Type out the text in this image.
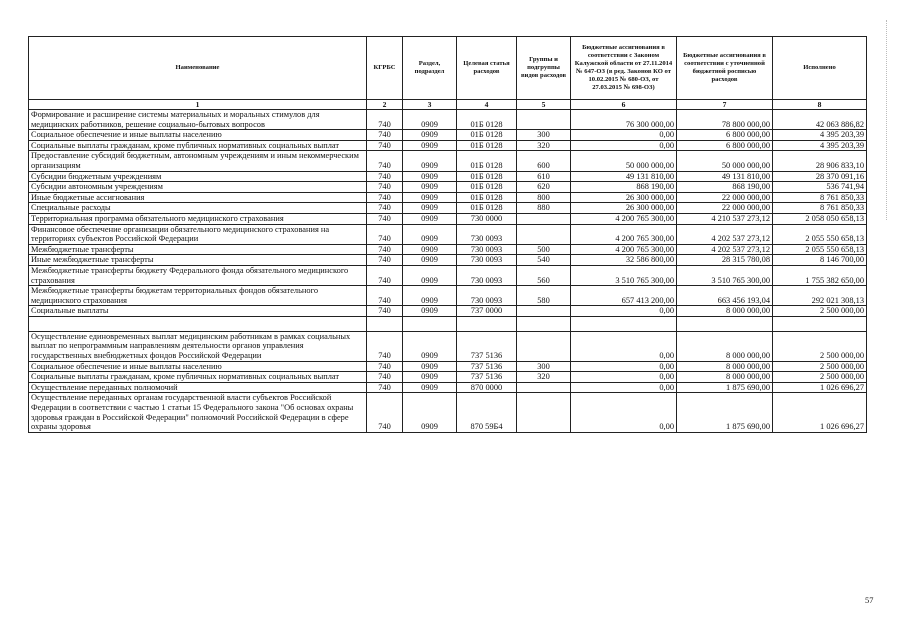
Наименование	КГРБС	Раздел, подраздел	Целевая статья расходов	Группы и подгруппы видов расходов	Бюджетные ассигнования в соответствии с Законом Калужской области от 27.11.2014 № 647-ОЗ (в ред. Законов КО от 10.02.2015 № 680-ОЗ, от 27.03.2015 № 698-ОЗ)	Бюджетные ассигнования в соответствии с уточненной бюджетной росписью расходов	Исполнено
1	2	3	4	5	6	7	8
Формирование и расширение системы материальных и моральных стимулов для медицинских работников, решение социально-бытовых вопросов	740	0909	01Б 0128		76 300 000,00	78 800 000,00	42 063 886,82
Социальное обеспечение и иные выплаты населению	740	0909	01Б 0128	300	0,00	6 800 000,00	4 395 203,39
Социальные выплаты гражданам, кроме публичных нормативных социальных выплат	740	0909	01Б 0128	320	0,00	6 800 000,00	4 395 203,39
Предоставление субсидий бюджетным, автономным учреждениям и иным некоммерческим организациям	740	0909	01Б 0128	600	50 000 000,00	50 000 000,00	28 906 833,10
Субсидии бюджетным учреждениям	740	0909	01Б 0128	610	49 131 810,00	49 131 810,00	28 370 091,16
Субсидии автономным учреждениям	740	0909	01Б 0128	620	868 190,00	868 190,00	536 741,94
Иные бюджетные ассигнования	740	0909	01Б 0128	800	26 300 000,00	22 000 000,00	8 761 850,33
Специальные расходы	740	0909	01Б 0128	880	26 300 000,00	22 000 000,00	8 761 850,33
Территориальная программа обязательного медицинского страхования	740	0909	730 0000		4 200 765 300,00	4 210 537 273,12	2 058 050 658,13
Финансовое обеспечение организации обязательного медицинского страхования на территориях субъектов Российской Федерации	740	0909	730 0093		4 200 765 300,00	4 202 537 273,12	2 055 550 658,13
Межбюджетные трансферты	740	0909	730 0093	500	4 200 765 300,00	4 202 537 273,12	2 055 550 658,13
Иные межбюджетные трансферты	740	0909	730 0093	540	32 586 800,00	28 315 780,08	8 146 700,00
Межбюджетные трансферты бюджету Федерального фонда обязательного медицинского страхования	740	0909	730 0093	560	3 510 765 300,00	3 510 765 300,00	1 755 382 650,00
Межбюджетные трансферты бюджетам территориальных фондов обязательного медицинского страхования	740	0909	730 0093	580	657 413 200,00	663 456 193,04	292 021 308,13
Социальные выплаты	740	0909	737 0000		0,00	8 000 000,00	2 500 000,00

Осуществление единовременных выплат медицинским работникам в рамках социальных выплат по непрограммным направлениям деятельности органов управления государственных внебюджетных фондов Российской Федерации	740	0909	737 5136		0,00	8 000 000,00	2 500 000,00
Социальное обеспечение и иные выплаты населению	740	0909	737 5136	300	0,00	8 000 000,00	2 500 000,00
Социальные выплаты гражданам, кроме публичных нормативных социальных выплат	740	0909	737 5136	320	0,00	8 000 000,00	2 500 000,00
Осуществление переданных полномочий	740	0909	870 0000		0,00	1 875 690,00	1 026 696,27
Осуществление переданных органам государственной власти субъектов Российской Федерации в соответствии с частью 1 статьи 15 Федерального закона "Об основах охраны здоровья граждан в Российской Федерации" полномочий Российской Федерации в сфере охраны здоровья	740	0909	870 59Б4		0,00	1 875 690,00	1 026 696,27
57
